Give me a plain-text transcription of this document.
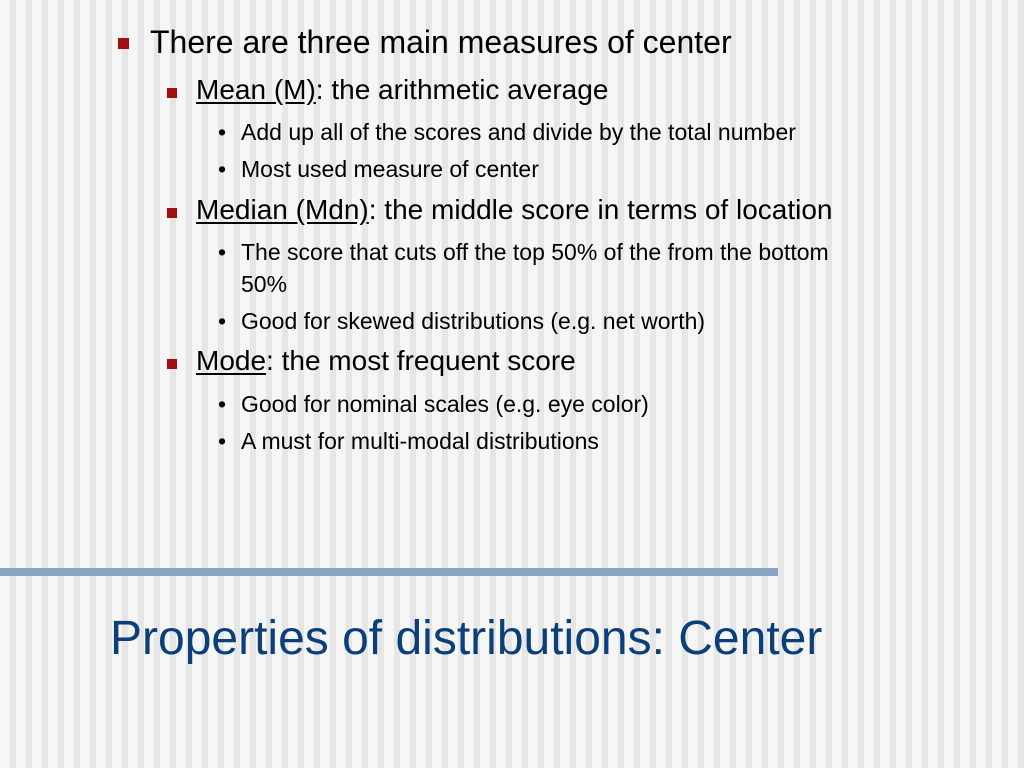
There are three main measures of center
Mean (M): the arithmetic average
• Add up all of the scores and divide by the total number
• Most used measure of center
Median (Mdn): the middle score in terms of location
• The score that cuts off the top 50% of the from the bottom
50%
• Good for skewed distributions (e.g. net worth)
Mode: the most frequent score
• Good for nominal scales (e.g. eye color)
• A must for multi-modal distributions
Properties of distributions: Center
